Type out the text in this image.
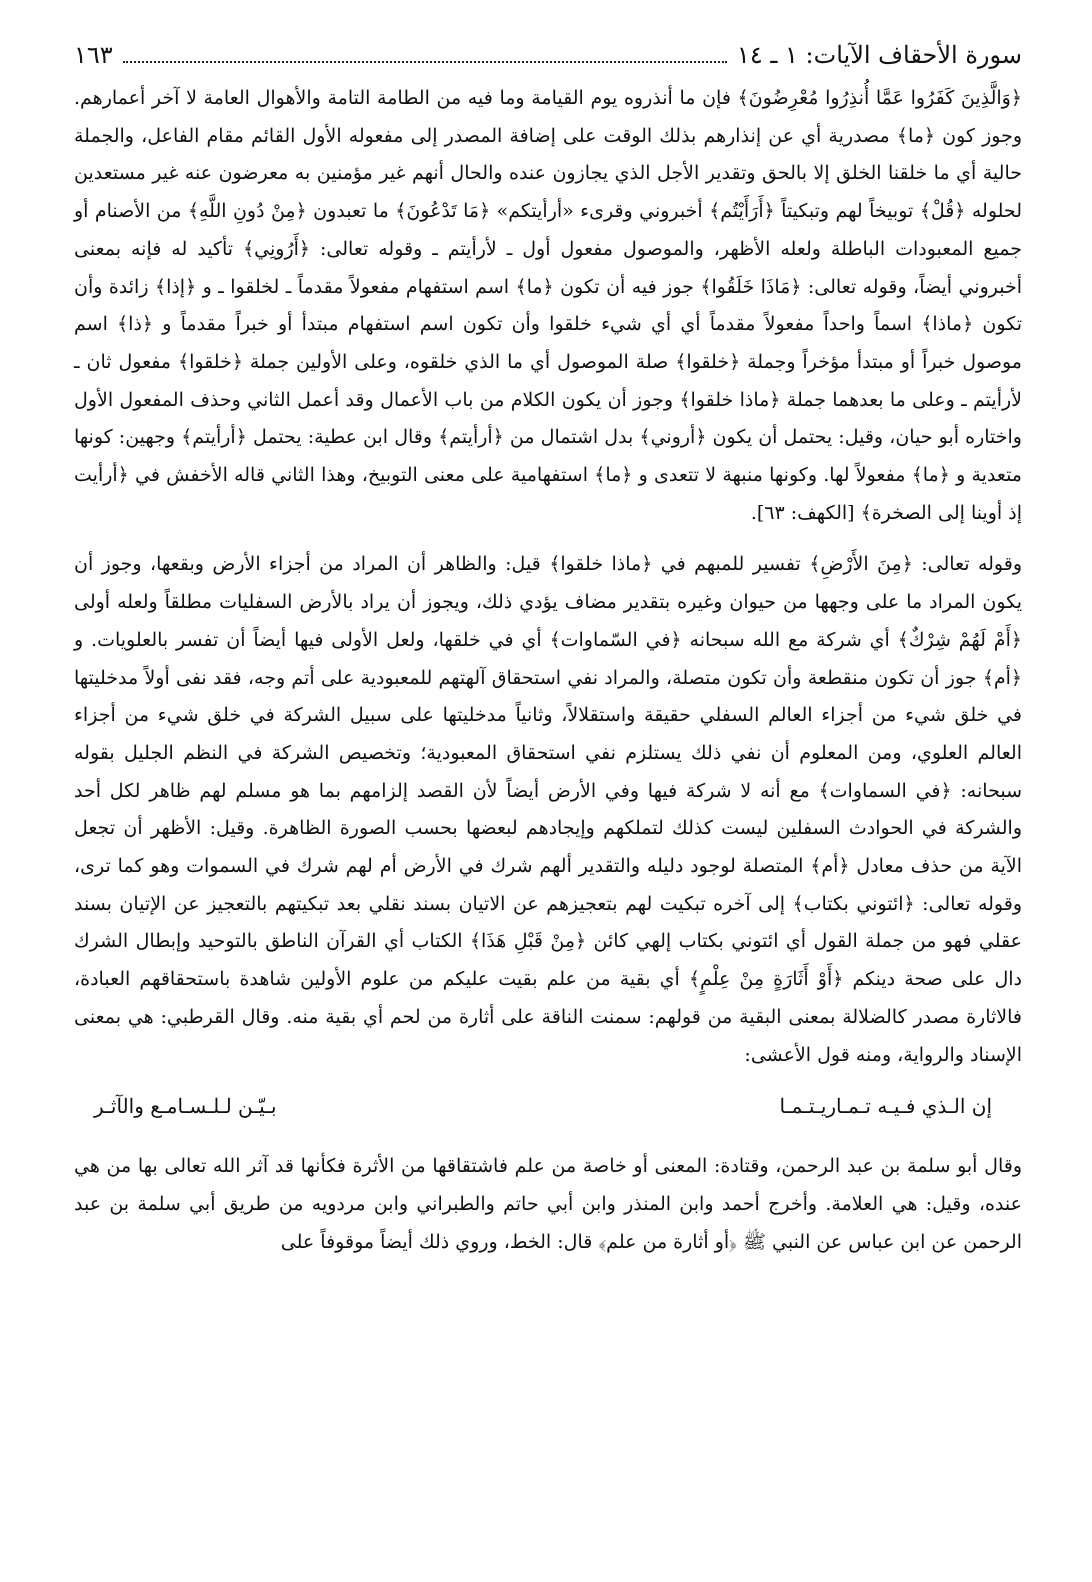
سورة الأحقاف الآيات: ١ ـ ١٤
١٦٣

﴿وَالَّذِينَ كَفَرُوا عَمَّا أُنذِرُوا مُعْرِضُونَ﴾ فإن ما أنذروه يوم القيامة وما فيه من الطامة التامة والأهوال العامة لا آخر أعمارهم. وجوز كون ﴿ما﴾ مصدرية أي عن إنذارهم بذلك الوقت على إضافة المصدر إلى مفعوله الأول القائم مقام الفاعل، والجملة حالية أي ما خلقنا الخلق إلا بالحق وتقدير الأجل الذي يجازون عنده والحال أنهم غير مؤمنين به معرضون عنه غير مستعدين لحلوله ﴿قُلْ﴾ توبيخاً لهم وتبكيتاً ﴿أَرَأَيْتُم﴾ أخبروني وقرىء «أرأيتكم» ﴿مَا تَدْعُونَ﴾ ما تعبدون ﴿مِنْ دُونِ اللَّهِ﴾ من الأصنام أو جميع المعبودات الباطلة ولعله الأظهر، والموصول مفعول أول ـ لأرأيتم ـ وقوله تعالى: ﴿أَرُونِي﴾ تأكيد له فإنه بمعنى أخبروني أيضاً، وقوله تعالى: ﴿مَاذَا خَلَقُوا﴾ جوز فيه أن تكون ﴿ما﴾ اسم استفهام مفعولاً مقدماً ـ لخلقوا ـ و ﴿إذا﴾ زائدة وأن تكون ﴿ماذا﴾ اسماً واحداً مفعولاً مقدماً أي أي شيء خلقوا وأن تكون اسم استفهام مبتدأ أو خبراً مقدماً و ﴿ذا﴾ اسم موصول خبراً أو مبتدأ مؤخراً وجملة ﴿خلقوا﴾ صلة الموصول أي ما الذي خلقوه، وعلى الأولين جملة ﴿خلقوا﴾ مفعول ثان ـ لأرأيتم ـ وعلى ما بعدهما جملة ﴿ماذا خلقوا﴾ وجوز أن يكون الكلام من باب الأعمال وقد أعمل الثاني وحذف المفعول الأول واختاره أبو حيان، وقيل: يحتمل أن يكون ﴿أروني﴾ بدل اشتمال من ﴿أرأيتم﴾ وقال ابن عطية: يحتمل ﴿أرأيتم﴾ وجهين: كونها متعدية و ﴿ما﴾ مفعولاً لها. وكونها منبهة لا تتعدى و ﴿ما﴾ استفهامية على معنى التوبيخ، وهذا الثاني قاله الأخفش في ﴿أرأيت إذ أوينا إلى الصخرة﴾ [الكهف: ٦٣].

وقوله تعالى: ﴿مِنَ الأَرْضِ﴾ تفسير للمبهم في ﴿ماذا خلقوا﴾ قيل: والظاهر أن المراد من أجزاء الأرض وبقعها، وجوز أن يكون المراد ما على وجهها من حيوان وغيره بتقدير مضاف يؤدي ذلك، ويجوز أن يراد بالأرض السفليات مطلقاً ولعله أولى ﴿أَمْ لَهُمْ شِرْكٌ﴾ أي شركة مع الله سبحانه ﴿في السّماوات﴾ أي في خلقها، ولعل الأولى فيها أيضاً أن تفسر بالعلويات. و ﴿أم﴾ جوز أن تكون منقطعة وأن تكون متصلة، والمراد نفي استحقاق آلهتهم للمعبودية على أتم وجه، فقد نفى أولاً مدخليتها في خلق شيء من أجزاء العالم السفلي حقيقة واستقلالاً، وثانياً مدخليتها على سبيل الشركة في خلق شيء من أجزاء العالم العلوي، ومن المعلوم أن نفي ذلك يستلزم نفي استحقاق المعبودية؛ وتخصيص الشركة في النظم الجليل بقوله سبحانه: ﴿في السماوات﴾ مع أنه لا شركة فيها وفي الأرض أيضاً لأن القصد إلزامهم بما هو مسلم لهم ظاهر لكل أحد والشركة في الحوادث السفلين ليست كذلك لتملكهم وإيجادهم لبعضها بحسب الصورة الظاهرة. وقيل: الأظهر أن تجعل الآية من حذف معادل ﴿أم﴾ المتصلة لوجود دليله والتقدير ألهم شرك في الأرض أم لهم شرك في السموات وهو كما ترى، وقوله تعالى: ﴿ائتوني بكتاب﴾ إلى آخره تبكيت لهم بتعجيزهم عن الاتيان بسند نقلي بعد تبكيتهم بالتعجيز عن الإتيان بسند عقلي فهو من جملة القول أي ائتوني بكتاب إلهي كائن ﴿مِنْ قَبْلِ هَذَا﴾ الكتاب أي القرآن الناطق بالتوحيد وإبطال الشرك دال على صحة دينكم ﴿أَوْ أَثَارَةٍ مِنْ عِلْمٍ﴾ أي بقية من علم بقيت عليكم من علوم الأولين شاهدة باستحقاقهم العبادة، فالاثارة مصدر كالضلالة بمعنى البقية من قولهم: سمنت الناقة على أثارة من لحم أي بقية منه. وقال القرطبي: هي بمعنى الإسناد والرواية، ومنه قول الأعشى:

إن الـذي فـيـه تـمـاريـتـمـا
بـيّـن لـلـسـامـع والآثـر

وقال أبو سلمة بن عبد الرحمن، وقتادة: المعنى أو خاصة من علم فاشتقاقها من الأثرة فكأنها قد آثر الله تعالى بها من هي عنده، وقيل: هي العلامة. وأخرج أحمد وابن المنذر وابن أبي حاتم والطبراني وابن مردويه من طريق أبي سلمة بن عبد الرحمن عن ابن عباس عن النبي ﷺ ﴿أو أثارة من علم﴾ قال: الخط، وروي ذلك أيضاً موقوفاً على
